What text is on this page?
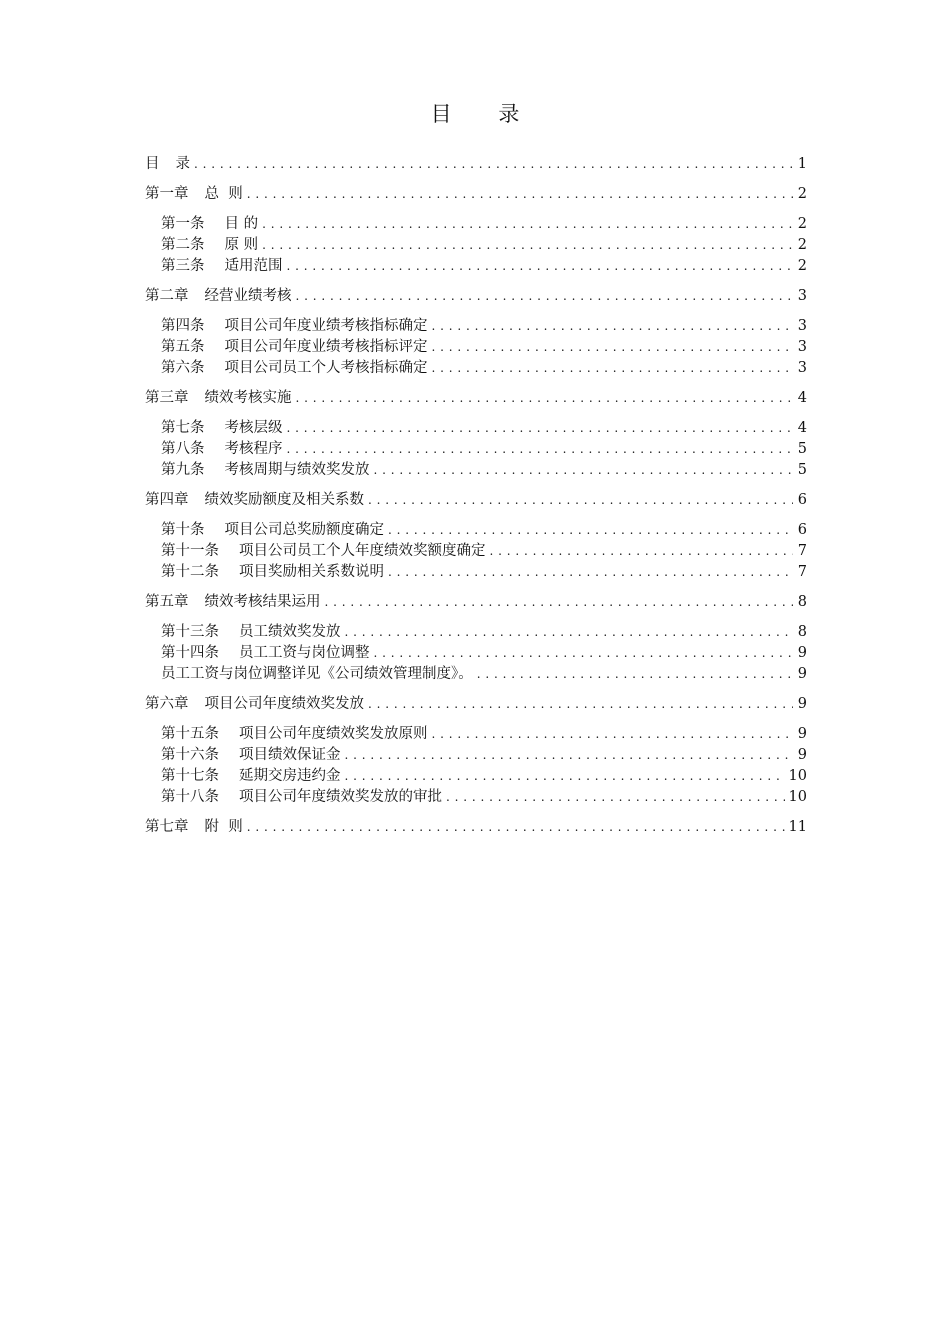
目 录
目 录 . . .	1
第一章 总  则 . . .	2
第一条 目 的 . . .	2
第二条 原 则 . . .	2
第三条 适用范围 . . .	2
第二章 经营业绩考核 . . .	3
第四条 项目公司年度业绩考核指标确定 . . .	3
第五条 项目公司年度业绩考核指标评定 . . .	3
第六条 项目公司员工个人考核指标确定 . . .	3
第三章 绩效考核实施 . . .	4
第七条 考核层级 . . .	4
第八条 考核程序 . . .	5
第九条 考核周期与绩效奖发放 . . .	5
第四章 绩效奖励额度及相关系数 . . .	6
第十条 项目公司总奖励额度确定 . . .	6
第十一条 项目公司员工个人年度绩效奖额度确定 . . .	7
第十二条 项目奖励相关系数说明 . . .	7
第五章 绩效考核结果运用 . . .	8
第十三条 员工绩效奖发放 . . .	8
第十四条 员工工资与岗位调整 . . .	9
员工工资与岗位调整详见《公司绩效管理制度》。 . . .	9
第六章 项目公司年度绩效奖发放 . . .	9
第十五条 项目公司年度绩效奖发放原则 . . .	9
第十六条 项目绩效保证金 . . .	9
第十七条 延期交房违约金 . . .	10
第十八条 项目公司年度绩效奖发放的审批 . . .	10
第七章 附  则 . . .	11
